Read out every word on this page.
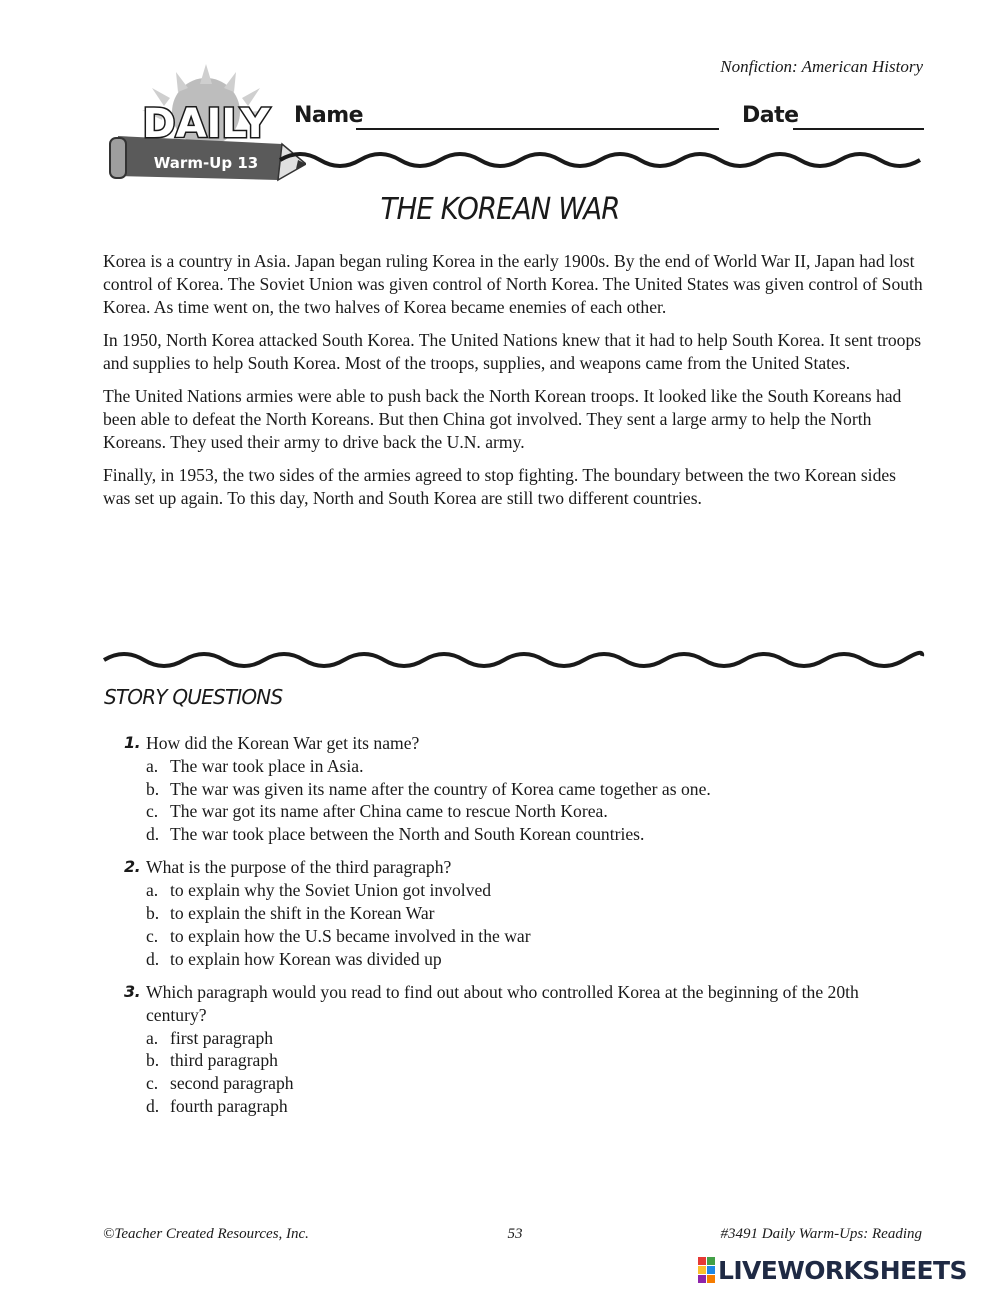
Nonfiction: American History
DAILY
Warm-Up 13
Name	Date
THE KOREAN WAR

Korea is a country in Asia. Japan began ruling Korea in the early 1900s. By the end of World War II, Japan had lost control of Korea. The Soviet Union was given control of North Korea. The United States was given control of South Korea. As time went on, the two halves of Korea became enemies of each other.

In 1950, North Korea attacked South Korea. The United Nations knew that it had to help South Korea. It sent troops and supplies to help South Korea. Most of the troops, supplies, and weapons came from the United States.

The United Nations armies were able to push back the North Korean troops. It looked like the South Koreans had been able to defeat the North Koreans. But then China got involved. They sent a large army to help the North Koreans. They used their army to drive back the U.N. army.

Finally, in 1953, the two sides of the armies agreed to stop fighting. The boundary between the two Korean sides was set up again. To this day, North and South Korea are still two different countries.

STORY QUESTIONS
1. How did the Korean War get its name?
a. The war took place in Asia.
b. The war was given its name after the country of Korea came together as one.
c. The war got its name after China came to rescue North Korea.
d. The war took place between the North and South Korean countries.
2. What is the purpose of the third paragraph?
a. to explain why the Soviet Union got involved
b. to explain the shift in the Korean War
c. to explain how the U.S became involved in the war
d. to explain how Korean was divided up
3. Which paragraph would you read to find out about who controlled Korea at the beginning of the 20th century?
a. first paragraph
b. third paragraph
c. second paragraph
d. fourth paragraph
©Teacher Created Resources, Inc.	53	#3491 Daily Warm-Ups: Reading
LIVEWORKSHEETS
